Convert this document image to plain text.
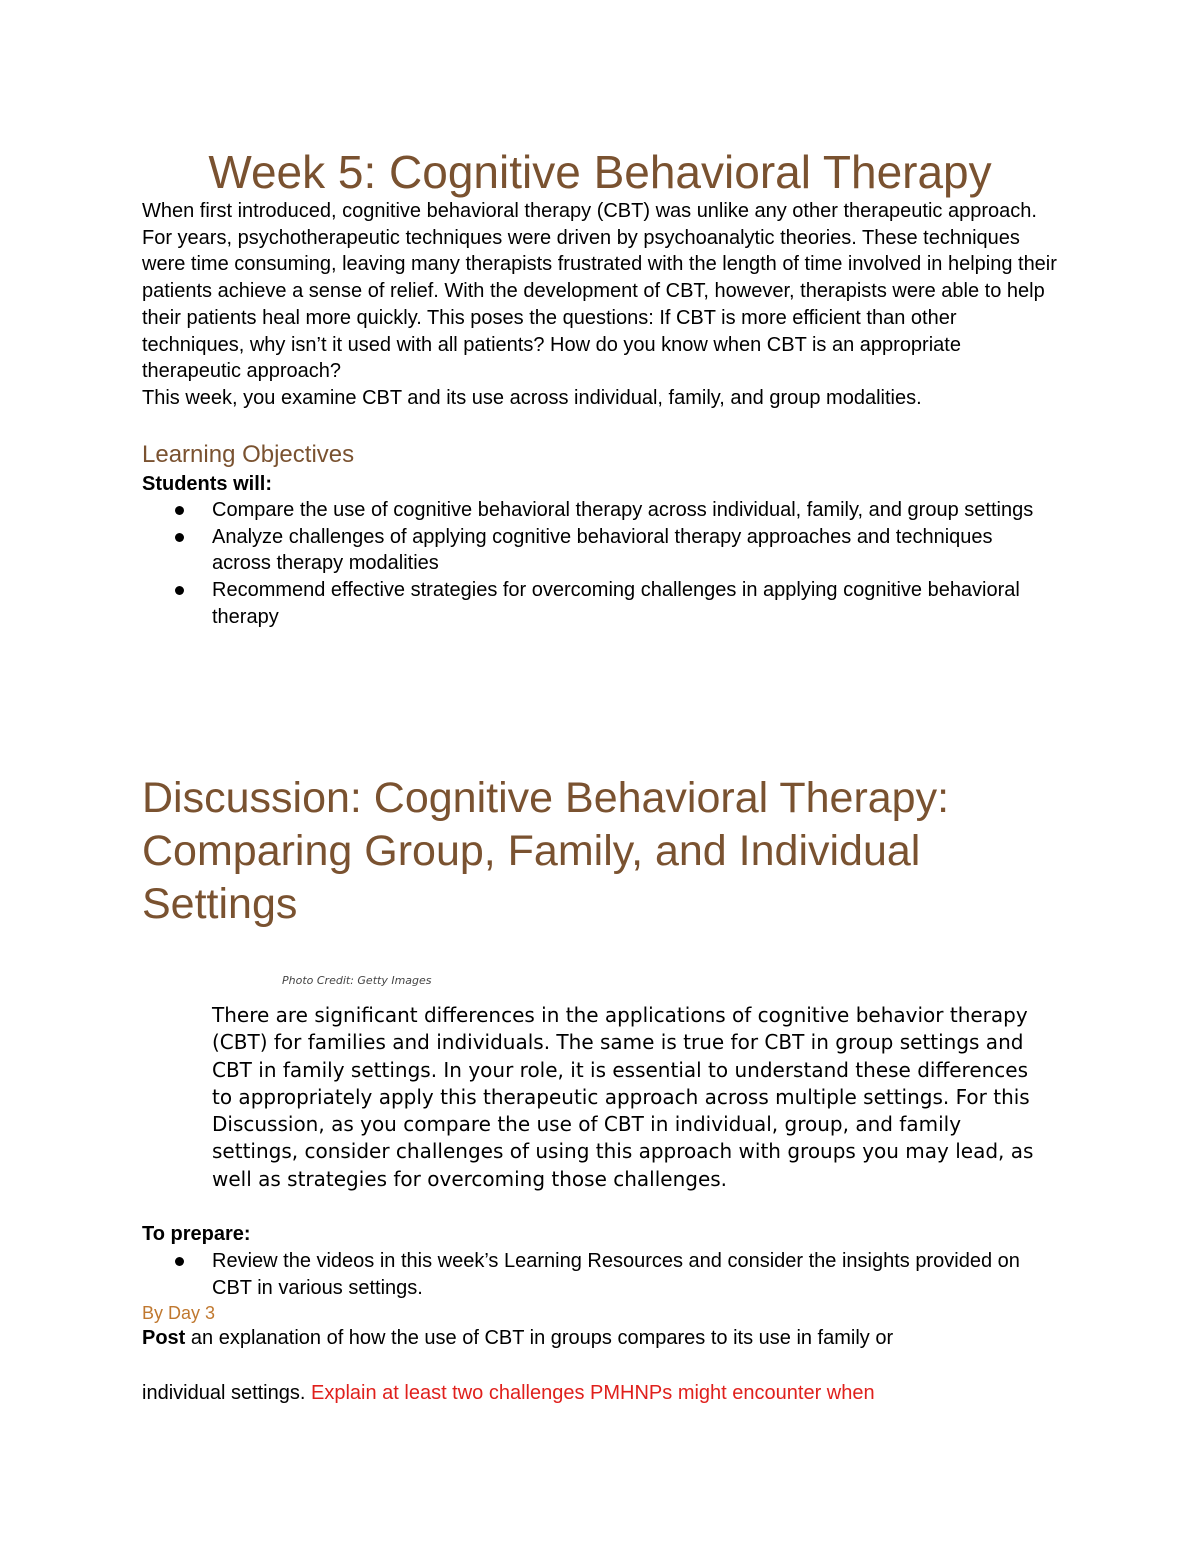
Week 5: Cognitive Behavioral Therapy

When first introduced, cognitive behavioral therapy (CBT) was unlike any other therapeutic approach. For years, psychotherapeutic techniques were driven by psychoanalytic theories. These techniques were time consuming, leaving many therapists frustrated with the length of time involved in helping their patients achieve a sense of relief. With the development of CBT, however, therapists were able to help their patients heal more quickly. This poses the questions: If CBT is more efficient than other techniques, why isn’t it used with all patients? How do you know when CBT is an appropriate therapeutic approach?

This week, you examine CBT and its use across individual, family, and group modalities.

Learning Objectives

Students will:

Compare the use of cognitive behavioral therapy across individual, family, and group settings
Analyze challenges of applying cognitive behavioral therapy approaches and techniques across therapy modalities
Recommend effective strategies for overcoming challenges in applying cognitive behavioral therapy
Discussion: Cognitive Behavioral Therapy: Comparing Group, Family, and Individual Settings

Photo Credit: Getty Images

There are significant differences in the applications of cognitive behavior therapy (CBT) for families and individuals. The same is true for CBT in group settings and CBT in family settings. In your role, it is essential to understand these differences to appropriately apply this therapeutic approach across multiple settings. For this Discussion, as you compare the use of CBT in individual, group, and family settings, consider challenges of using this approach with groups you may lead, as well as strategies for overcoming those challenges.

To prepare:

Review the videos in this week’s Learning Resources and consider the insights provided on CBT in various settings.

By Day 3

Post an explanation of how the use of CBT in groups compares to its use in family or

individual settings. Explain at least two challenges PMHNPs might encounter when
